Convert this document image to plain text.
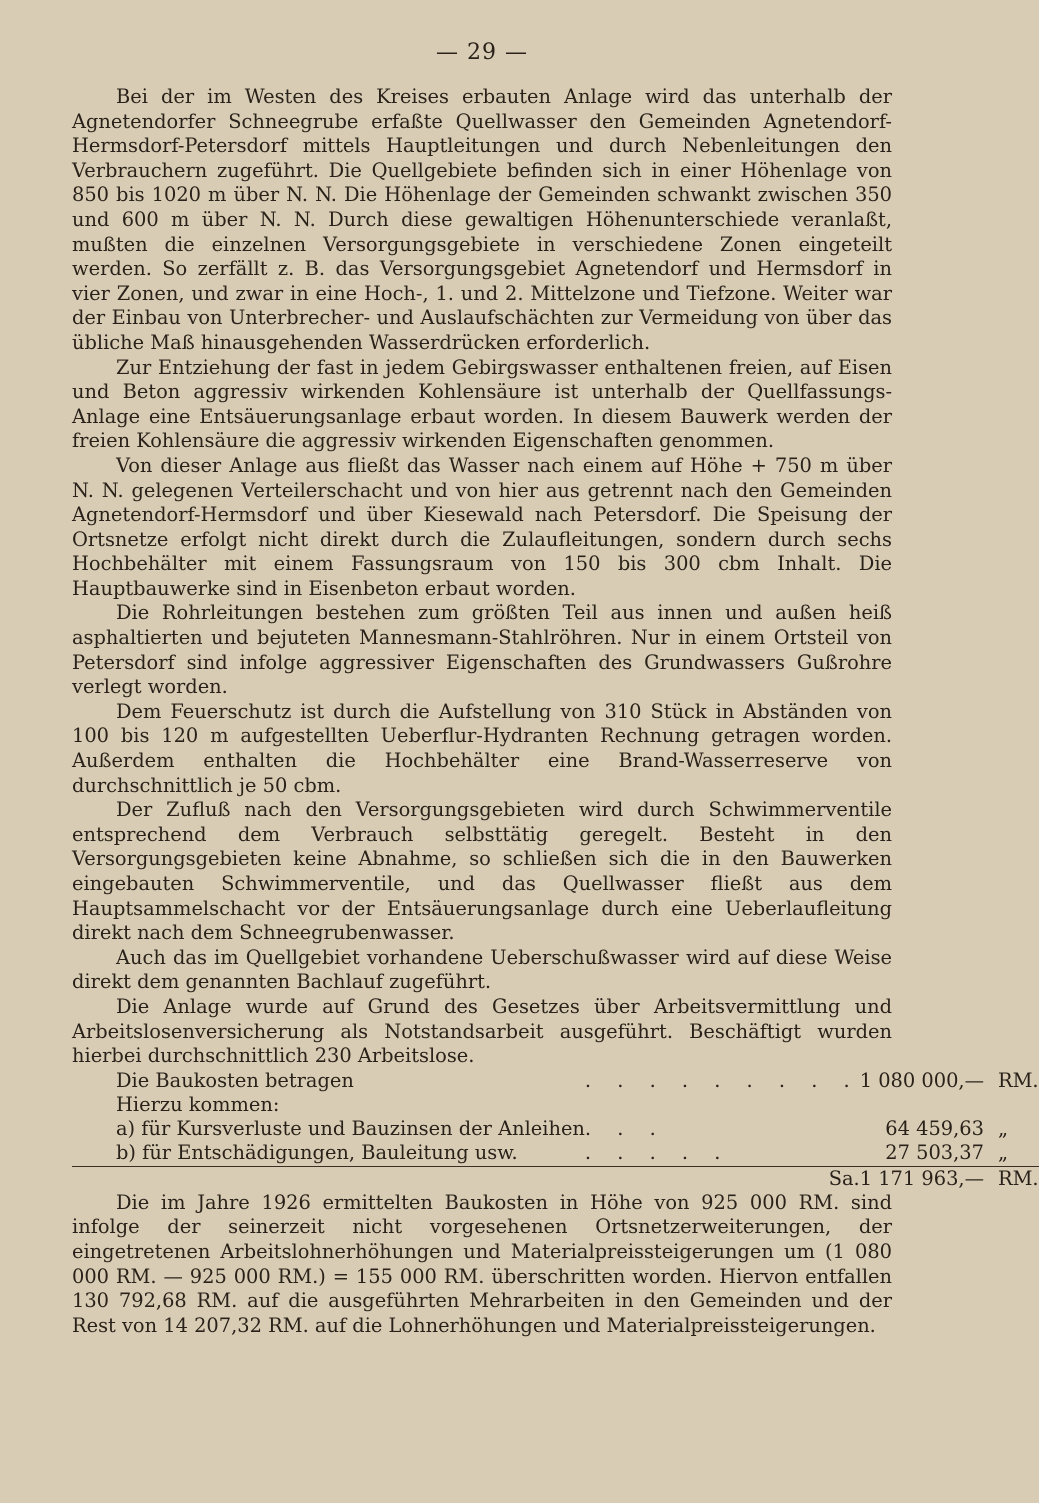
— 29 —

Bei der im Westen des Kreises erbauten Anlage wird das unterhalb der Agnetendorfer Schneegrube erfaßte Quellwasser den Gemeinden Agnetendorf-Hermsdorf-Petersdorf mittels Hauptleitungen und durch Nebenleitungen den Verbrauchern zugeführt. Die Quellgebiete befinden sich in einer Höhenlage von 850 bis 1020 m über N. N. Die Höhenlage der Gemeinden schwankt zwischen 350 und 600 m über N. N. Durch diese gewaltigen Höhenunterschiede veranlaßt, mußten die einzelnen Versorgungsgebiete in verschiedene Zonen eingeteilt werden. So zerfällt z. B. das Versorgungsgebiet Agnetendorf und Hermsdorf in vier Zonen, und zwar in eine Hoch-, 1. und 2. Mittelzone und Tiefzone. Weiter war der Einbau von Unterbrecher- und Auslaufschächten zur Vermeidung von über das übliche Maß hinausgehenden Wasserdrücken erforderlich.

Zur Entziehung der fast in jedem Gebirgswasser enthaltenen freien, auf Eisen und Beton aggressiv wirkenden Kohlensäure ist unterhalb der Quellfassungs-Anlage eine Entsäuerungsanlage erbaut worden. In diesem Bauwerk werden der freien Kohlensäure die aggressiv wirkenden Eigenschaften genommen.

Von dieser Anlage aus fließt das Wasser nach einem auf Höhe + 750 m über N. N. gelegenen Verteilerschacht und von hier aus getrennt nach den Gemeinden Agnetendorf-Hermsdorf und über Kiesewald nach Petersdorf. Die Speisung der Ortsnetze erfolgt nicht direkt durch die Zulaufleitungen, sondern durch sechs Hochbehälter mit einem Fassungsraum von 150 bis 300 cbm Inhalt. Die Hauptbauwerke sind in Eisenbeton erbaut worden.

Die Rohrleitungen bestehen zum größten Teil aus innen und außen heiß asphaltierten und bejuteten Mannesmann-Stahlröhren. Nur in einem Ortsteil von Petersdorf sind infolge aggressiver Eigenschaften des Grundwassers Gußrohre verlegt worden.

Dem Feuerschutz ist durch die Aufstellung von 310 Stück in Abständen von 100 bis 120 m aufgestellten Ueberflur-Hydranten Rechnung getragen worden. Außerdem enthalten die Hochbehälter eine Brand-Wasserreserve von durchschnittlich je 50 cbm.

Der Zufluß nach den Versorgungsgebieten wird durch Schwimmerventile entsprechend dem Verbrauch selbsttätig geregelt. Besteht in den Versorgungsgebieten keine Abnahme, so schließen sich die in den Bauwerken eingebauten Schwimmerventile, und das Quellwasser fließt aus dem Hauptsammelschacht vor der Entsäuerungsanlage durch eine Ueberlaufleitung direkt nach dem Schneegrubenwasser.

Auch das im Quellgebiet vorhandene Ueberschußwasser wird auf diese Weise direkt dem genannten Bachlauf zugeführt.

Die Anlage wurde auf Grund des Gesetzes über Arbeitsvermittlung und Arbeitslosenversicherung als Notstandsarbeit ausgeführt. Beschäftigt wurden hierbei durchschnittlich 230 Arbeitslose.

Die Baukosten betragen	. . . . . . . . .	1 080 000,—	RM.
Hierzu kommen:			
a) für Kursverluste und Bauzinsen der Anleihen	. . .	64 459,63	„
b) für Entschädigungen, Bauleitung usw.	. . . . .	27 503,37	„
	Sa.	1 171 963,—	RM.

Die im Jahre 1926 ermittelten Baukosten in Höhe von 925 000 RM. sind infolge der seinerzeit nicht vorgesehenen Ortsnetzerweiterungen, der eingetretenen Arbeitslohnerhöhungen und Materialpreissteigerungen um (1 080 000 RM. — 925 000 RM.) = 155 000 RM. überschritten worden. Hiervon entfallen 130 792,68 RM. auf die ausgeführten Mehrarbeiten in den Gemeinden und der Rest von 14 207,32 RM. auf die Lohnerhöhungen und Materialpreissteigerungen.
